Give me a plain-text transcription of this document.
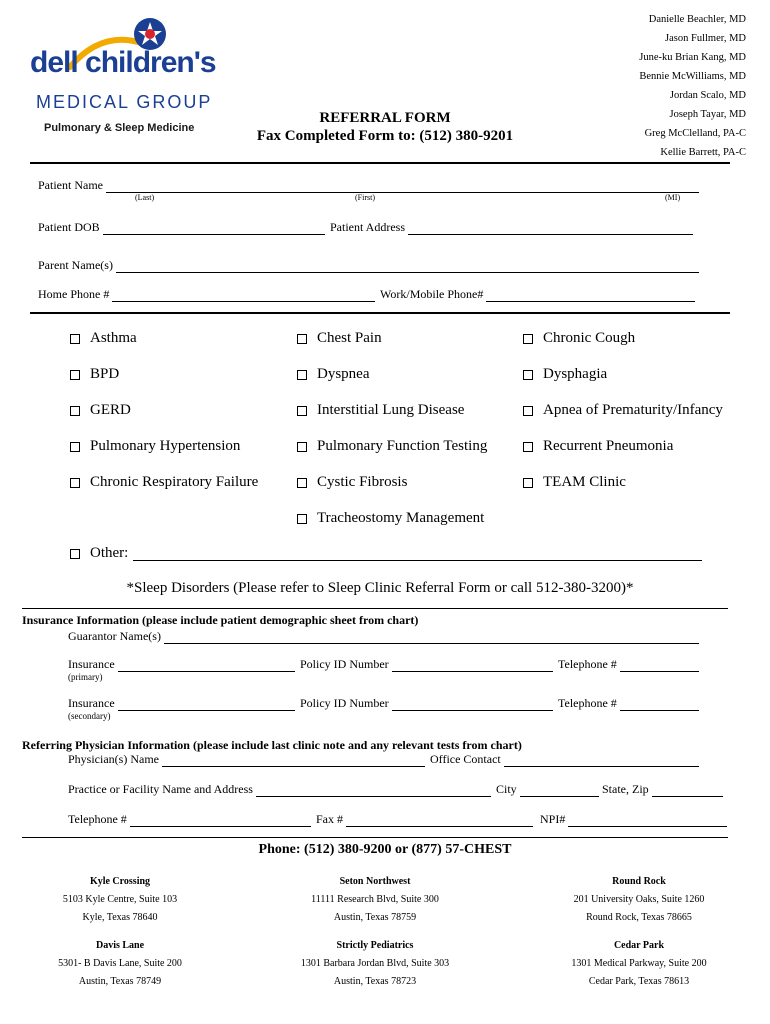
dell children's
MEDICAL GROUP
Pulmonary & Sleep Medicine
Danielle Beachler, MD
Jason Fullmer, MD
June-ku Brian Kang, MD
Bennie McWilliams, MD
Jordan Scalo, MD
Joseph Tayar, MD
Greg McClelland, PA-C
Kellie Barrett, PA-C
REFERRAL FORM
Fax Completed Form to: (512) 380-9201
Patient Name
(Last)	(First)	(MI)
Patient DOB	Patient Address
Parent Name(s)
Home Phone #	Work/Mobile Phone#
Asthma
BPD
GERD
Pulmonary Hypertension
Chronic Respiratory Failure
Chest Pain
Dyspnea
Interstitial Lung Disease
Pulmonary Function Testing
Cystic Fibrosis
Tracheostomy Management
Chronic Cough
Dysphagia
Apnea of Prematurity/Infancy
Recurrent Pneumonia
TEAM Clinic
Other:
*Sleep Disorders (Please refer to Sleep Clinic Referral Form or call 512-380-3200)*
Insurance Information (please include patient demographic sheet from chart)
Guarantor Name(s)
Insurance	Policy ID Number	Telephone #
(primary)
Insurance	Policy ID Number	Telephone #
(secondary)
Referring Physician Information (please include last clinic note and any relevant tests from chart)
Physician(s) Name	Office Contact
Practice or Facility Name and Address	City	State, Zip
Telephone #	Fax #	NPI#
Phone: (512) 380-9200 or (877) 57-CHEST
Kyle Crossing
5103 Kyle Centre, Suite 103
Kyle, Texas 78640
Seton Northwest
11111 Research Blvd, Suite 300
Austin, Texas 78759
Round Rock
201 University Oaks, Suite 1260
Round Rock, Texas 78665
Davis Lane
5301- B Davis Lane, Suite 200
Austin, Texas 78749
Strictly Pediatrics
1301 Barbara Jordan Blvd, Suite 303
Austin, Texas 78723
Cedar Park
1301 Medical Parkway, Suite 200
Cedar Park, Texas 78613
